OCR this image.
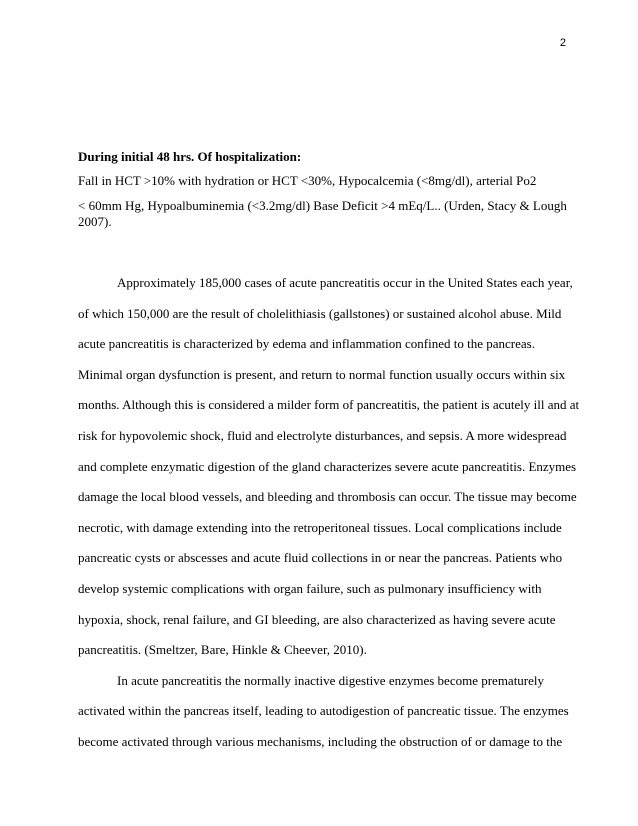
2
During initial 48 hrs. Of hospitalization:
Fall in HCT >10% with hydration or HCT <30%, Hypocalcemia (<8mg/dl), arterial Po2
< 60mm Hg, Hypoalbuminemia (<3.2mg/dl) Base Deficit >4 mEq/L.. (Urden, Stacy & Lough
2007).
Approximately 185,000 cases of acute pancreatitis occur in the United States each year,
of which 150,000 are the result of cholelithiasis (gallstones) or sustained alcohol abuse. Mild
acute pancreatitis is characterized by edema and inflammation confined to the pancreas.
Minimal organ dysfunction is present, and return to normal function usually occurs within six
months. Although this is considered a milder form of pancreatitis, the patient is acutely ill and at
risk for hypovolemic shock, fluid and electrolyte disturbances, and sepsis. A more widespread
and complete enzymatic digestion of the gland characterizes severe acute pancreatitis. Enzymes
damage the local blood vessels, and bleeding and thrombosis can occur. The tissue may become
necrotic, with damage extending into the retroperitoneal tissues. Local complications include
pancreatic cysts or abscesses and acute fluid collections in or near the pancreas. Patients who
develop systemic complications with organ failure, such as pulmonary insufficiency with
hypoxia, shock, renal failure, and GI bleeding, are also characterized as having severe acute
pancreatitis. (Smeltzer, Bare, Hinkle & Cheever, 2010).
In acute pancreatitis the normally inactive digestive enzymes become prematurely
activated within the pancreas itself, leading to autodigestion of pancreatic tissue. The enzymes
become activated through various mechanisms, including the obstruction of or damage to the
